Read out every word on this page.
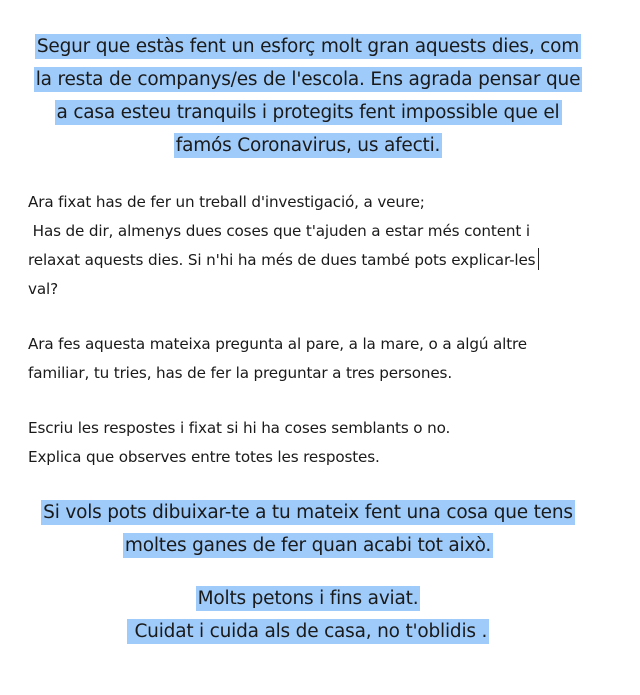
Segur que estàs fent un esforç molt gran aquests dies, com
la resta de companys/es de l'escola. Ens agrada pensar que
a casa esteu tranquils i protegits fent impossible que el
famós Coronavirus, us afecti.

Ara fixat has de fer un treball d'investigació, a veure;
Has de dir, almenys dues coses que t'ajuden a estar més content i
relaxat aquests dies. Si n'hi ha més de dues també pots explicar-les
val?

Ara fes aquesta mateixa pregunta al pare, a la mare, o a algú altre
familiar, tu tries, has de fer la preguntar a tres persones.

Escriu les respostes i fixat si hi ha coses semblants o no.
Explica que observes entre totes les respostes.

Si vols pots dibuixar-te a tu mateix fent una cosa que tens
moltes ganes de fer quan acabi tot això.

Molts petons i fins aviat.
Cuidat i cuida als de casa, no t'oblidis .
